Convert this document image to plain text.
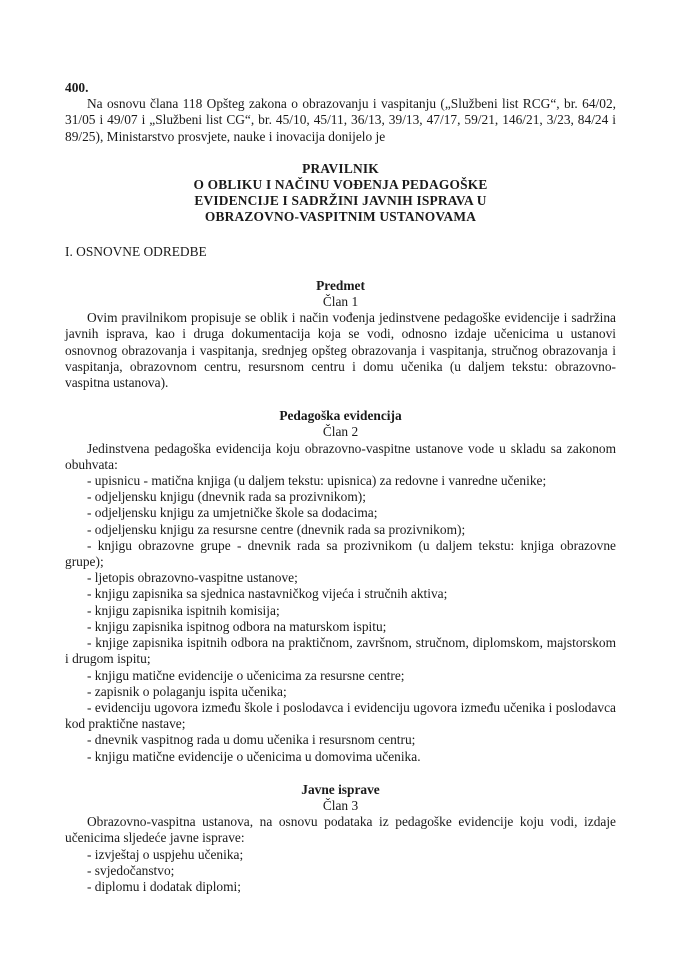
400.

Na osnovu člana 118 Opšteg zakona o obrazovanju i vaspitanju („Službeni list RCG“, br. 64/02, 31/05 i 49/07 i „Službeni list CG“, br. 45/10, 45/11, 36/13, 39/13, 47/17, 59/21, 146/21, 3/23, 84/24 i 89/25), Ministarstvo prosvjete, nauke i inovacija donijelo je

PRAVILNIK
O OBLIKU I NAČINU VOĐENJA PEDAGOŠKE
EVIDENCIJE I SADRŽINI JAVNIH ISPRAVA U
OBRAZOVNO-VASPITNIM USTANOVAMA

I. OSNOVNE ODREDBE

Predmet

Član 1

Ovim pravilnikom propisuje se oblik i način vođenja jedinstvene pedagoške evidencije i sadržina javnih isprava, kao i druga dokumentacija koja se vodi, odnosno izdaje učenicima u ustanovi osnovnog obrazovanja i vaspitanja, srednjeg opšteg obrazovanja i vaspitanja, stručnog obrazovanja i vaspitanja, obrazovnom centru, resursnom centru i domu učenika (u daljem tekstu: obrazovno-vaspitna ustanova).

Pedagoška evidencija

Član 2

Jedinstvena pedagoška evidencija koju obrazovno-vaspitne ustanove vode u skladu sa zakonom obuhvata:

- upisnicu - matična knjiga (u daljem tekstu: upisnica) za redovne i vanredne učenike;

- odjeljensku knjigu (dnevnik rada sa prozivnikom);

- odjeljensku knjigu za umjetničke škole sa dodacima;

- odjeljensku knjigu za resursne centre (dnevnik rada sa prozivnikom);

- knjigu obrazovne grupe - dnevnik rada sa prozivnikom (u daljem tekstu: knjiga obrazovne grupe);

- ljetopis obrazovno-vaspitne ustanove;

- knjigu zapisnika sa sjednica nastavničkog vijeća i stručnih aktiva;

- knjigu zapisnika ispitnih komisija;

- knjigu zapisnika ispitnog odbora na maturskom ispitu;

- knjige zapisnika ispitnih odbora na praktičnom, završnom, stručnom, diplomskom, majstorskom i drugom ispitu;

- knjigu matične evidencije o učenicima za resursne centre;

- zapisnik o polaganju ispita učenika;

- evidenciju ugovora između škole i poslodavca i evidenciju ugovora između učenika i poslodavca kod praktične nastave;

- dnevnik vaspitnog rada u domu učenika i resursnom centru;

- knjigu matične evidencije o učenicima u domovima učenika.

Javne isprave

Član 3

Obrazovno-vaspitna ustanova, na osnovu podataka iz pedagoške evidencije koju vodi, izdaje učenicima sljedeće javne isprave:

- izvještaj o uspjehu učenika;

- svjedočanstvo;

- diplomu i dodatak diplomi;
